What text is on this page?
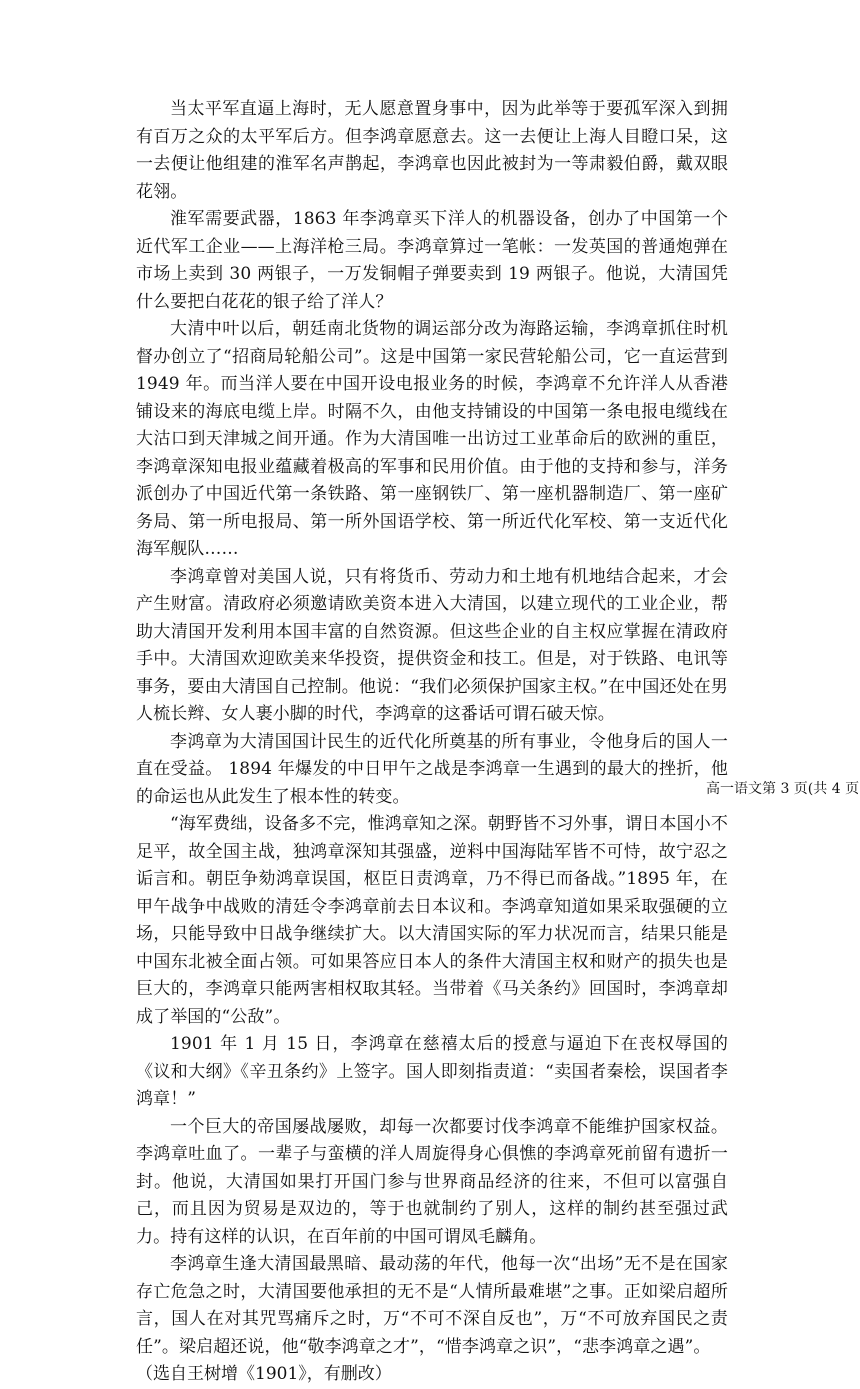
当太平军直逼上海时，无人愿意置身事中，因为此举等于要孤军深入到拥有百万之众的太平军后方。但李鸿章愿意去。这一去便让上海人目瞪口呆，这一去便让他组建的淮军名声鹊起，李鸿章也因此被封为一等肃毅伯爵，戴双眼花翎。

淮军需要武器，1863 年李鸿章买下洋人的机器设备，创办了中国第一个近代军工企业——上海洋枪三局。李鸿章算过一笔帐：一发英国的普通炮弹在市场上卖到 30 两银子，一万发铜帽子弹要卖到 19 两银子。他说，大清国凭什么要把白花花的银子给了洋人？

大清中叶以后，朝廷南北货物的调运部分改为海路运输，李鸿章抓住时机督办创立了“招商局轮船公司”。这是中国第一家民营轮船公司，它一直运营到 1949 年。而当洋人要在中国开设电报业务的时候，李鸿章不允许洋人从香港铺设来的海底电缆上岸。时隔不久，由他支持铺设的中国第一条电报电缆线在大沽口到天津城之间开通。作为大清国唯一出访过工业革命后的欧洲的重臣，李鸿章深知电报业蕴藏着极高的军事和民用价值。由于他的支持和参与，洋务派创办了中国近代第一条铁路、第一座钢铁厂、第一座机器制造厂、第一座矿务局、第一所电报局、第一所外国语学校、第一所近代化军校、第一支近代化海军舰队……

李鸿章曾对美国人说，只有将货币、劳动力和土地有机地结合起来，才会产生财富。清政府必须邀请欧美资本进入大清国，以建立现代的工业企业，帮助大清国开发利用本国丰富的自然资源。但这些企业的自主权应掌握在清政府手中。大清国欢迎欧美来华投资，提供资金和技工。但是，对于铁路、电讯等事务，要由大清国自己控制。他说：“我们必须保护国家主权。”在中国还处在男人梳长辫、女人裹小脚的时代，李鸿章的这番话可谓石破天惊。

李鸿章为大清国国计民生的近代化所奠基的所有事业，令他身后的国人一直在受益。 1894 年爆发的中日甲午之战是李鸿章一生遇到的最大的挫折，他的命运也从此发生了根本性的转变。

“海军费绌，设备多不完，惟鸿章知之深。朝野皆不习外事，谓日本国小不足平，故全国主战，独鸿章深知其强盛，逆料中国海陆军皆不可恃，故宁忍之诟言和。朝臣争劾鸿章误国，枢臣日责鸿章，乃不得已而备战。”1895 年，在甲午战争中战败的清廷令李鸿章前去日本议和。李鸿章知道如果采取强硬的立场，只能导致中日战争继续扩大。以大清国实际的军力状况而言，结果只能是中国东北被全面占领。可如果答应日本人的条件大清国主权和财产的损失也是巨大的，李鸿章只能两害相权取其轻。当带着《马关条约》回国时，李鸿章却成了举国的“公敌”。

1901 年 1 月 15 日，李鸿章在慈禧太后的授意与逼迫下在丧权辱国的《议和大纲》《辛丑条约》上签字。国人即刻指责道：“卖国者秦桧，误国者李鸿章！”

一个巨大的帝国屡战屡败，却每一次都要讨伐李鸿章不能维护国家权益。李鸿章吐血了。一辈子与蛮横的洋人周旋得身心俱憔的李鸿章死前留有遗折一封。他说，大清国如果打开国门参与世界商品经济的往来，不但可以富强自己，而且因为贸易是双边的，等于也就制约了别人，这样的制约甚至强过武力。持有这样的认识，在百年前的中国可谓凤毛麟角。

李鸿章生逢大清国最黑暗、最动荡的年代，他每一次“出场”无不是在国家存亡危急之时，大清国要他承担的无不是“人情所最难堪”之事。正如梁启超所言，国人在对其咒骂痛斥之时，万“不可不深自反也”，万“不可放弃国民之责任”。梁启超还说，他“敬李鸿章之才”，“惜李鸿章之识”，“悲李鸿章之遇”。

（选自王树增《1901》，有删改）

高一语文第 3 页(共 4 页
